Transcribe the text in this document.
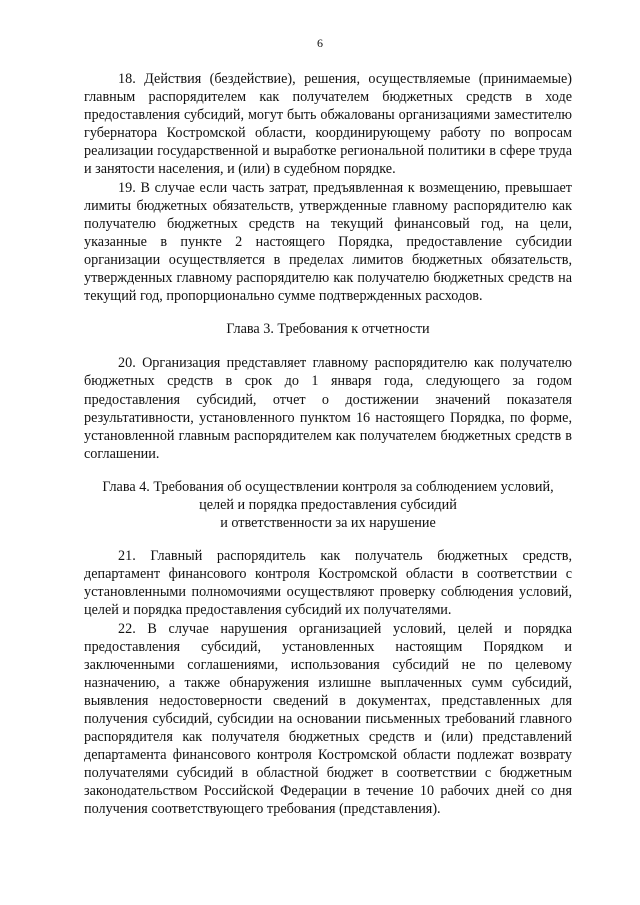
6

18. Действия (бездействие), решения, осуществляемые (принимаемые) главным распорядителем как получателем бюджетных средств в ходе предоставления субсидий, могут быть обжалованы организациями заместителю губернатора Костромской области, координирующему работу по вопросам реализации государственной и выработке региональной политики в сфере труда и занятости населения, и (или) в судебном порядке.

19. В случае если часть затрат, предъявленная к возмещению, превышает лимиты бюджетных обязательств, утвержденные главному распорядителю как получателю бюджетных средств на текущий финансовый год, на цели, указанные в пункте 2 настоящего Порядка, предоставление субсидии организации осуществляется в пределах лимитов бюджетных обязательств, утвержденных главному распорядителю как получателю бюджетных средств на текущий год, пропорционально сумме подтвержденных расходов.

Глава 3. Требования к отчетности

20. Организация представляет главному распорядителю как получателю бюджетных средств в срок до 1 января года, следующего за годом предоставления субсидий, отчет о достижении значений показателя результативности, установленного пунктом 16 настоящего Порядка, по форме, установленной главным распорядителем как получателем бюджетных средств в соглашении.

Глава 4. Требования об осуществлении контроля за соблюдением условий,

целей и порядка предоставления субсидий

и ответственности за их нарушение

21. Главный распорядитель как получатель бюджетных средств, департамент финансового контроля Костромской области в соответствии с установленными полномочиями осуществляют проверку соблюдения условий, целей и порядка предоставления субсидий их получателями.

22. В случае нарушения организацией условий, целей и порядка предоставления субсидий, установленных настоящим Порядком и заключенными соглашениями, использования субсидий не по целевому назначению, а также обнаружения излишне выплаченных сумм субсидий, выявления недостоверности сведений в документах, представленных для получения субсидий, субсидии на основании письменных требований главного распорядителя как получателя бюджетных средств и (или) представлений департамента финансового контроля Костромской области подлежат возврату получателями субсидий в областной бюджет в соответствии с бюджетным законодательством Российской Федерации в течение 10 рабочих дней со дня получения соответствующего требования (представления).
